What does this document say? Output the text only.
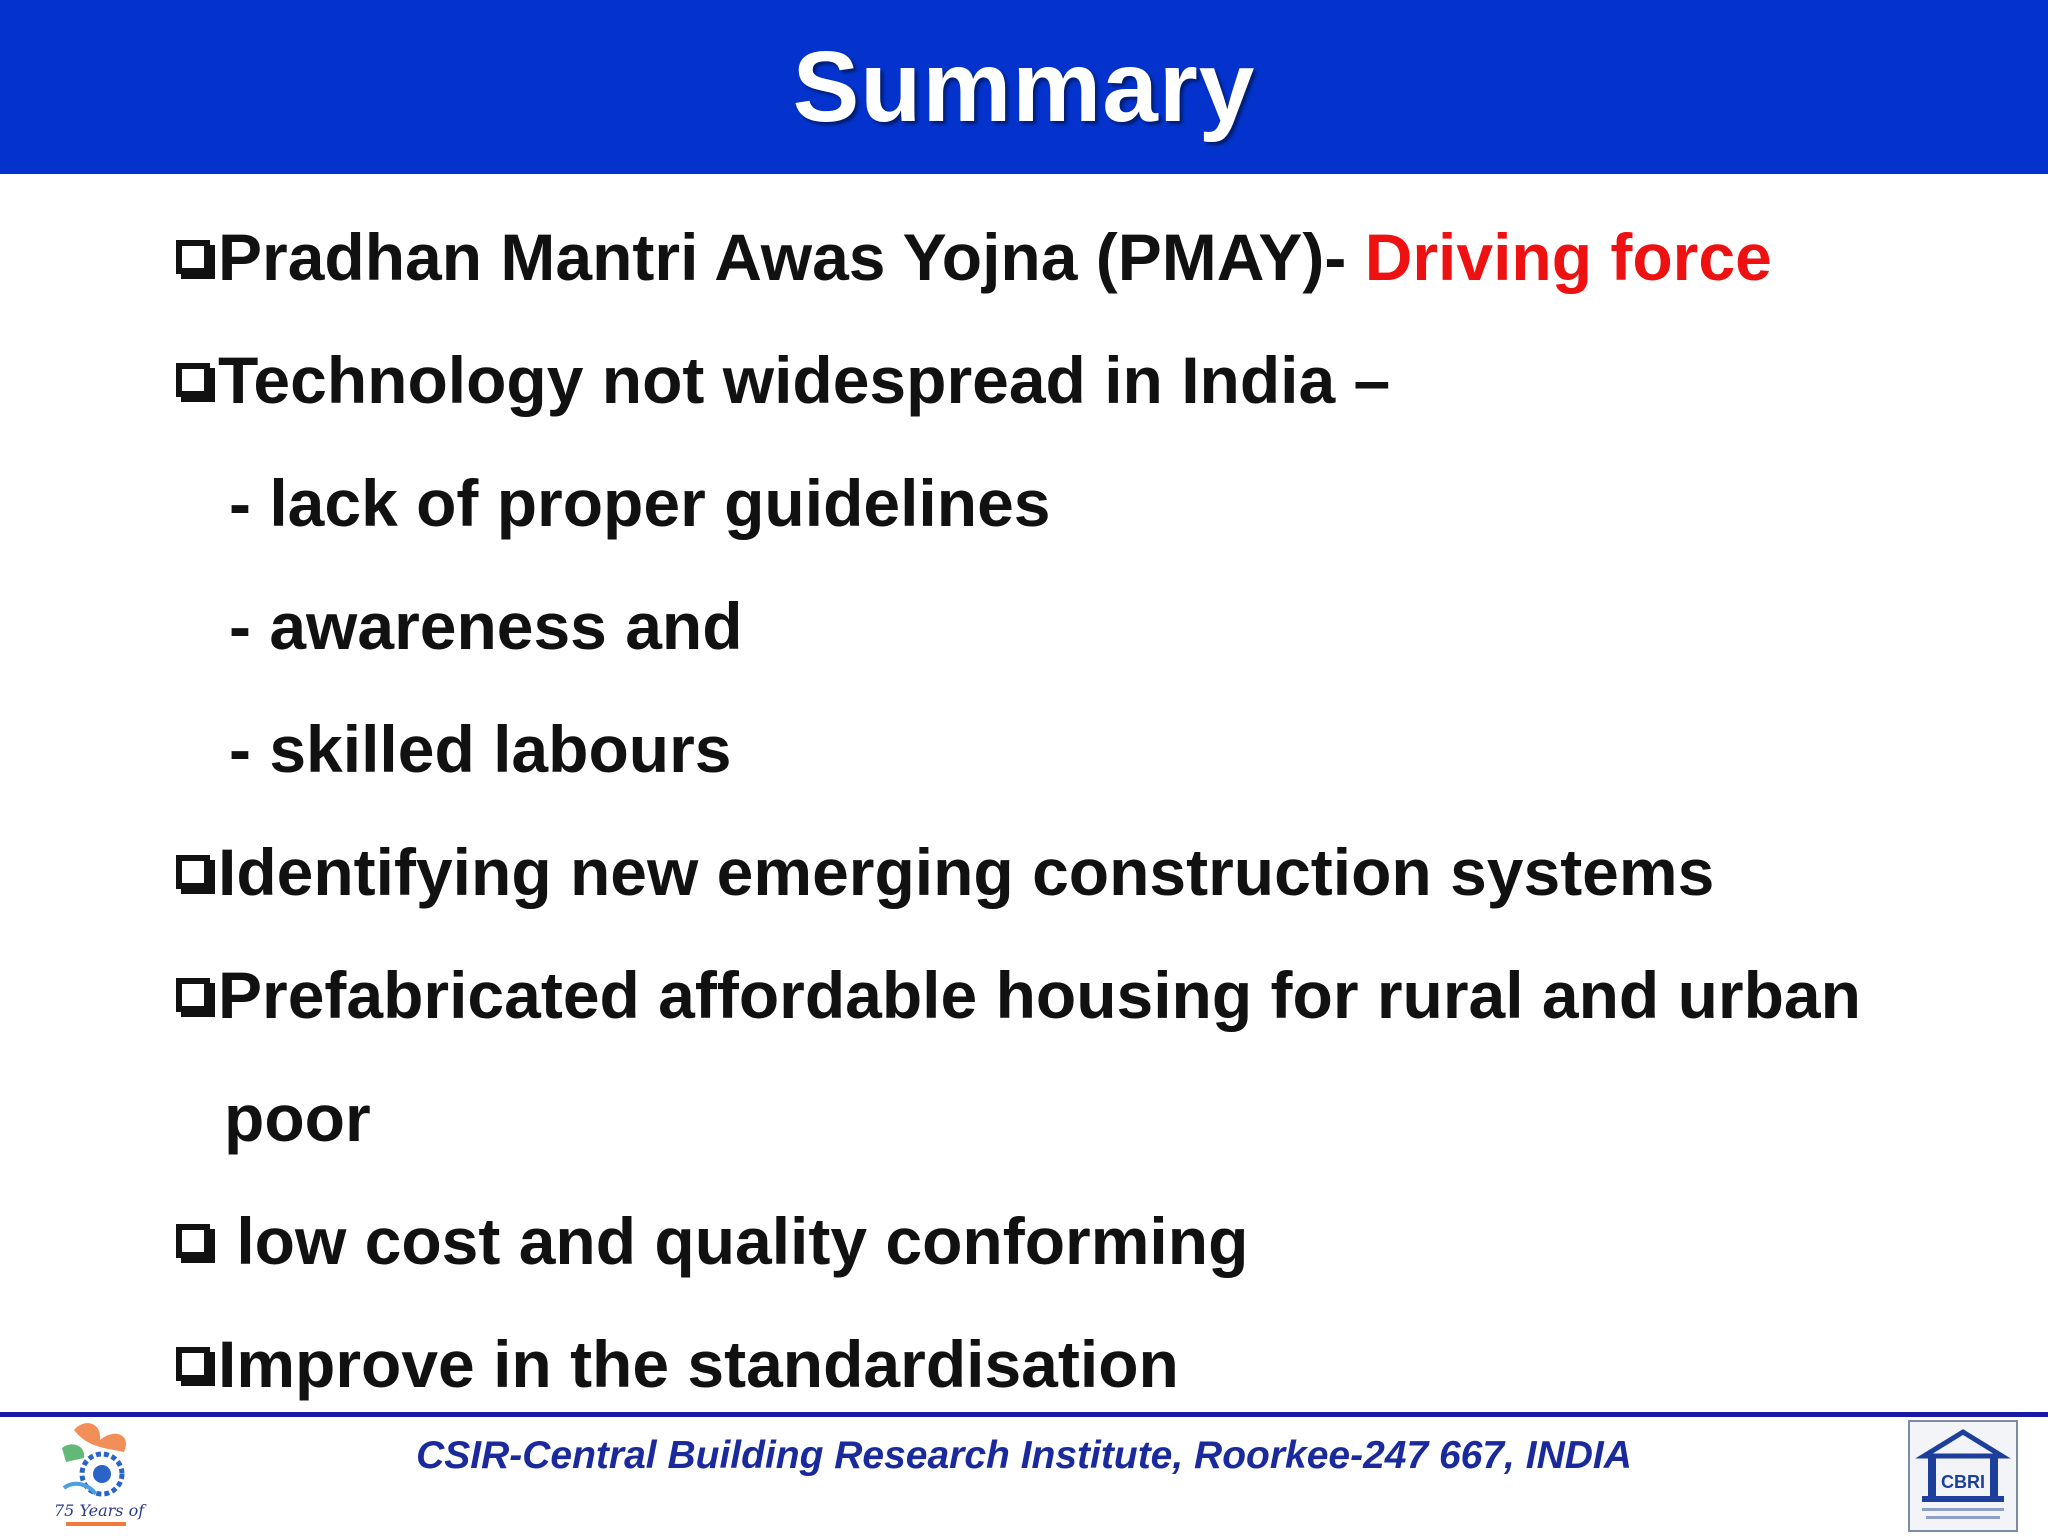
Summary
Pradhan Mantri Awas Yojna (PMAY)- Driving force
Technology not widespread in India –
- lack of proper guidelines
- awareness and
- skilled labours
Identifying new emerging construction systems
Prefabricated affordable housing for rural and urban
poor
low cost and quality conforming
Improve in the standardisation
75 Years of
CSIR-Central Building Research Institute, Roorkee-247 667, INDIA
CBRI
